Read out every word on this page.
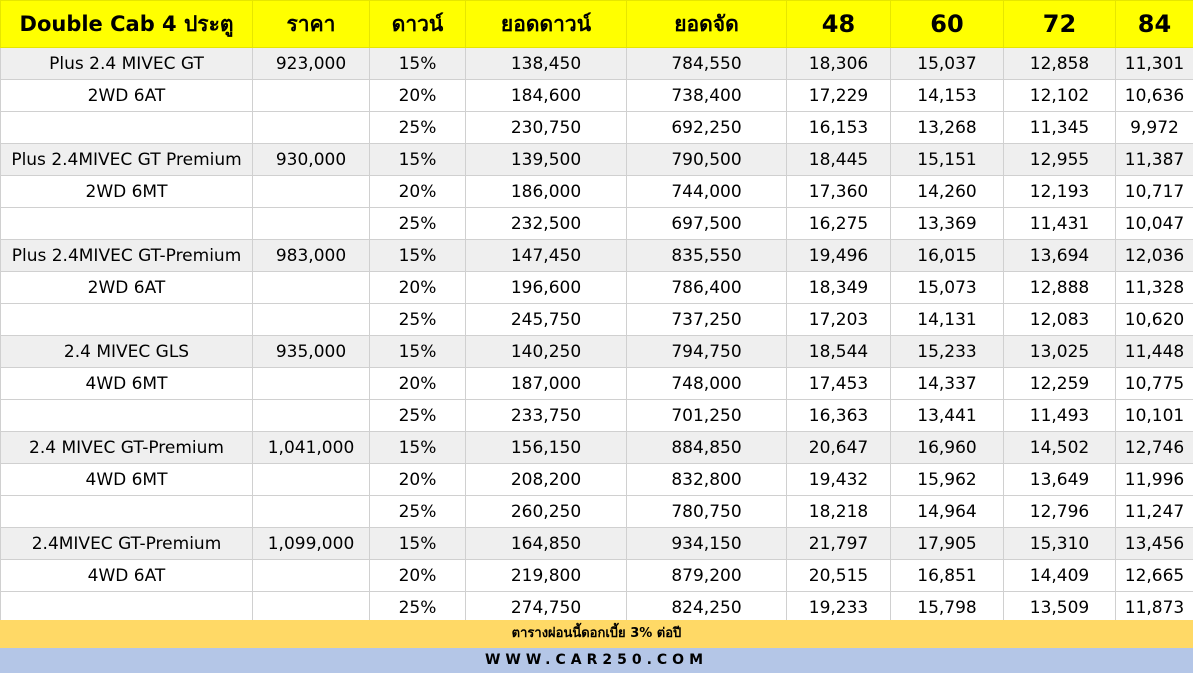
Double Cab 4 ประตู	ราคา	ดาวน์	ยอดดาวน์	ยอดจัด	48	60	72	84
Plus 2.4 MIVEC GT	923,000	15%	138,450	784,550	18,306	15,037	12,858	11,301
2WD 6AT		20%	184,600	738,400	17,229	14,153	12,102	10,636
		25%	230,750	692,250	16,153	13,268	11,345	9,972
Plus 2.4MIVEC GT Premium	930,000	15%	139,500	790,500	18,445	15,151	12,955	11,387
2WD 6MT		20%	186,000	744,000	17,360	14,260	12,193	10,717
		25%	232,500	697,500	16,275	13,369	11,431	10,047
Plus 2.4MIVEC GT-Premium	983,000	15%	147,450	835,550	19,496	16,015	13,694	12,036
2WD 6AT		20%	196,600	786,400	18,349	15,073	12,888	11,328
		25%	245,750	737,250	17,203	14,131	12,083	10,620
2.4 MIVEC GLS	935,000	15%	140,250	794,750	18,544	15,233	13,025	11,448
4WD 6MT		20%	187,000	748,000	17,453	14,337	12,259	10,775
		25%	233,750	701,250	16,363	13,441	11,493	10,101
2.4 MIVEC GT-Premium	1,041,000	15%	156,150	884,850	20,647	16,960	14,502	12,746
4WD 6MT		20%	208,200	832,800	19,432	15,962	13,649	11,996
		25%	260,250	780,750	18,218	14,964	12,796	11,247
2.4MIVEC GT-Premium	1,099,000	15%	164,850	934,150	21,797	17,905	15,310	13,456
4WD 6AT		20%	219,800	879,200	20,515	16,851	14,409	12,665
		25%	274,750	824,250	19,233	15,798	13,509	11,873
ตารางผ่อนนี้ดอกเบี้ย 3% ต่อปี
WWW.CAR250.COM
